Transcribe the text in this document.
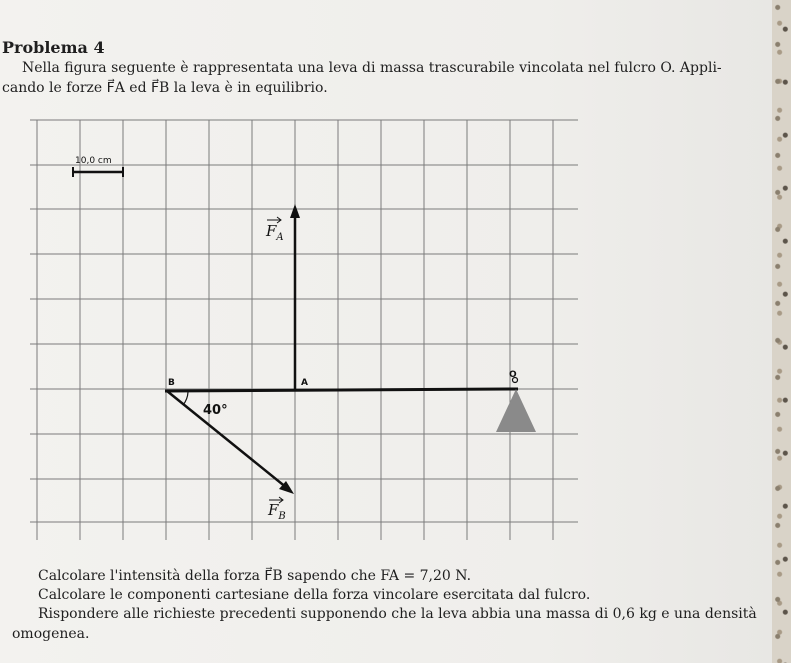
Problema 4
Nella figura seguente è rappresentata una leva di massa trascurabile vincolata nel fulcro O. Appli-
cando le forze F⃗A ed F⃗B la leva è in equilibrio.
10,0 cm
O
B	A
$F_A$
$F_B$
40°
Calcolare l'intensità della forza F⃗B sapendo che FA = 7,20 N.
Calcolare le componenti cartesiane della forza vincolare esercitata dal fulcro.
Rispondere alle richieste precedenti supponendo che la leva abbia una massa di 0,6 kg e una densità
omogenea.
